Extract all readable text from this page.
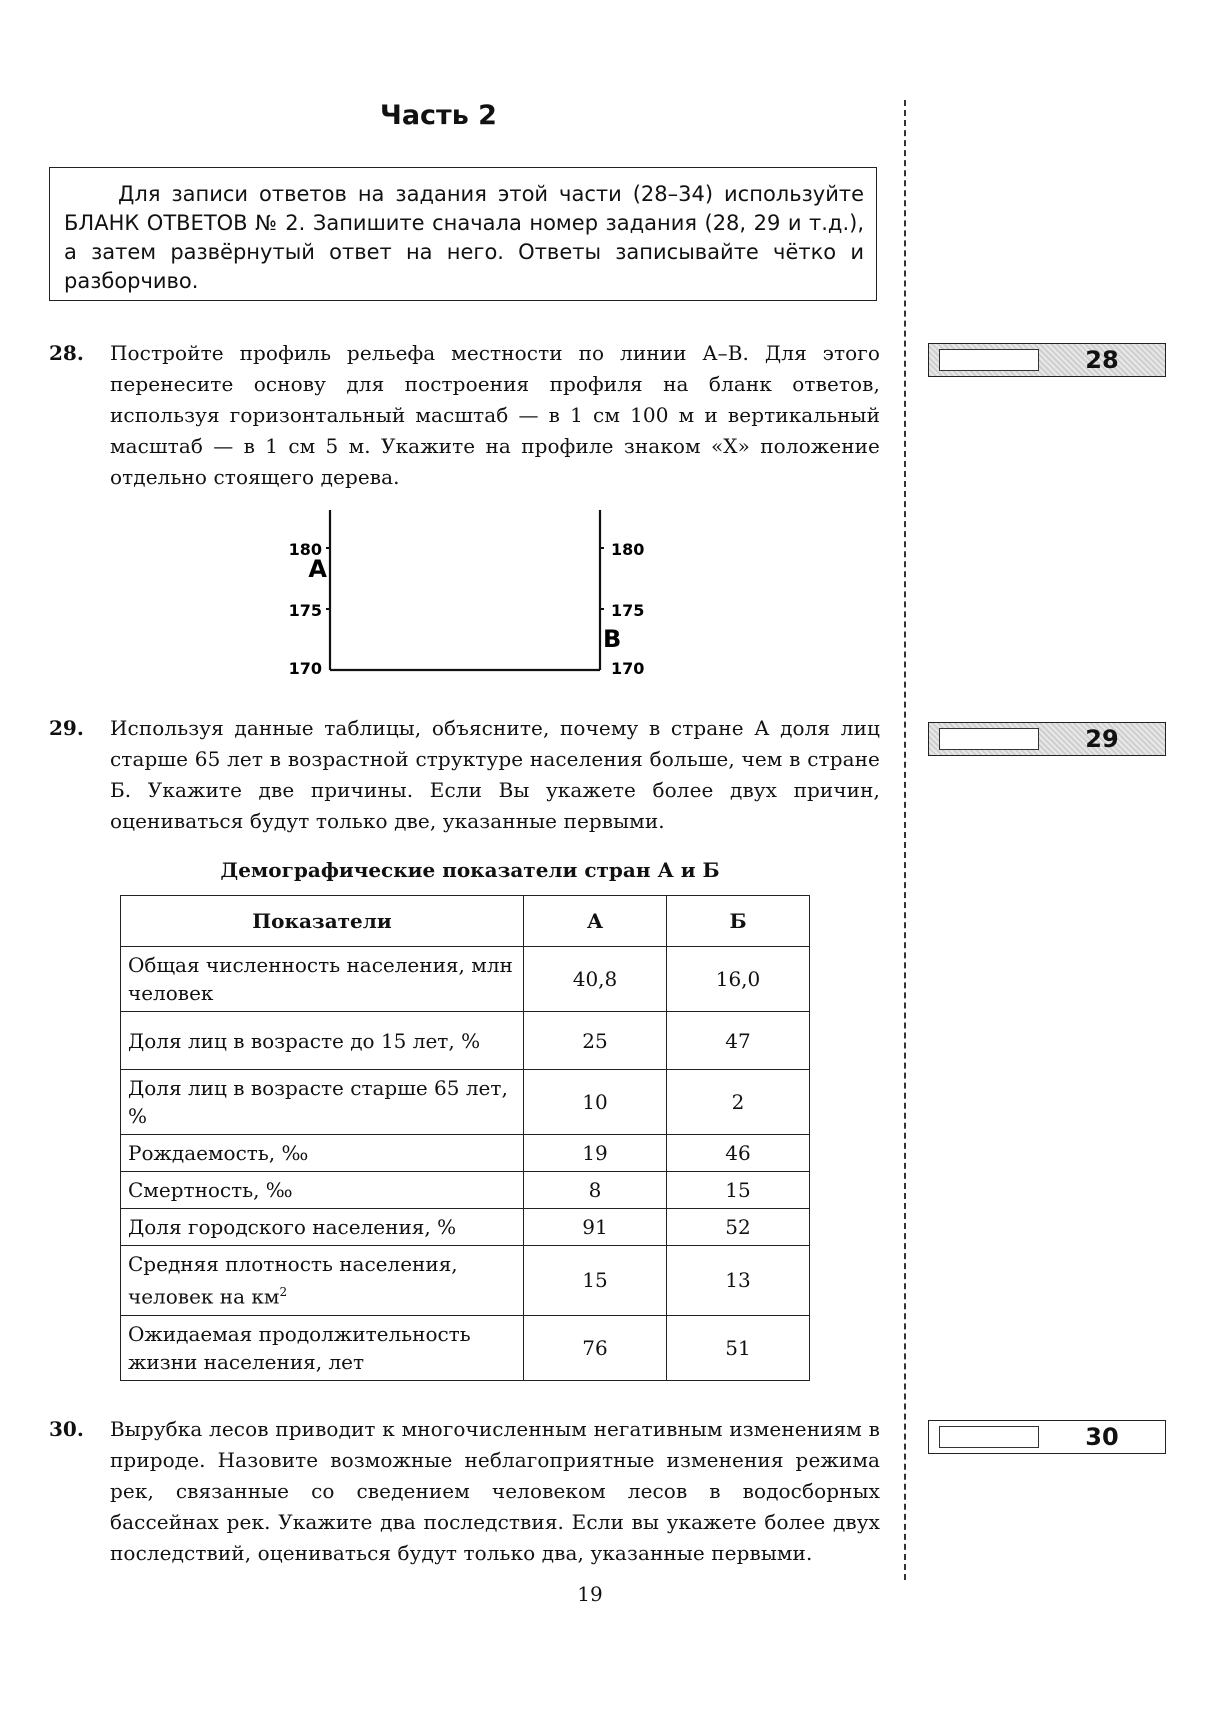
Часть 2
Для записи ответов на задания этой части (28–34) используйте БЛАНК ОТВЕТОВ № 2. Запишите сначала номер задания (28, 29 и т.д.), а затем развёрнутый ответ на него. Ответы записывайте чётко и разборчиво.
28.	Постройте профиль рельефа местности по линии А–В. Для этого перенесите основу для построения профиля на бланк ответов, используя горизонтальный масштаб — в 1 см 100 м и вертикальный масштаб — в 1 см 5 м. Укажите на профиле знаком «Х» положение отдельно стоящего дерева.
28
180
175
170
180
175
170
А
В
29.	Используя данные таблицы, объясните, почему в стране А доля лиц старше 65 лет в возрастной структуре населения больше, чем в стране Б. Укажите две причины. Если Вы укажете более двух причин, оцениваться будут только две, указанные первыми.
29
Демографические показатели стран А и Б
Показатели	А	Б
Общая численность населения, млн человек	40,8	16,0
Доля лиц в возрасте до 15 лет, %	25	47
Доля лиц в возрасте старше 65 лет, %	10	2
Рождаемость, ‰	19	46
Смертность, ‰	8	15
Доля городского населения, %	91	52
Средняя плотность населения, человек на $км^2$	15	13
Ожидаемая продолжительность жизни населения, лет	76	51
30.	Вырубка лесов приводит к многочисленным негативным изменениям в природе. Назовите возможные неблагоприятные изменения режима рек, связанные со сведением человеком лесов в водосборных бассейнах рек. Укажите два последствия. Если вы укажете более двух последствий, оцениваться будут только два, указанные первыми.
30
19
